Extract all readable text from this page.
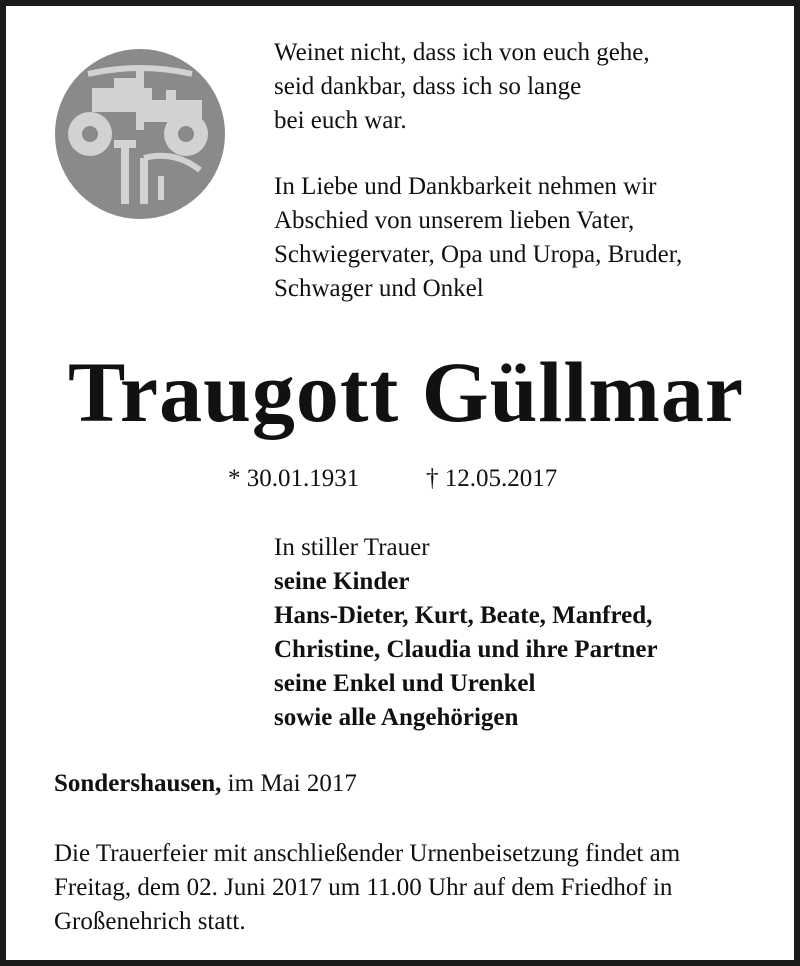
Weinet nicht, dass ich von euch gehe,
seid dankbar, dass ich so lange
bei euch war.
In Liebe und Dankbarkeit nehmen wir
Abschied von unserem lieben Vater,
Schwiegervater, Opa und Uropa, Bruder,
Schwager und Onkel
Traugott Güllmar
* 30.01.1931	† 12.05.2017
In stiller Trauer
seine Kinder
Hans-Dieter, Kurt, Beate, Manfred,
Christine, Claudia und ihre Partner
seine Enkel und Urenkel
sowie alle Angehörigen
Sondershausen, im Mai 2017
Die Trauerfeier mit anschließender Urnenbeisetzung findet am
Freitag, dem 02. Juni 2017 um 11.00 Uhr auf dem Friedhof in
Großenehrich statt.
